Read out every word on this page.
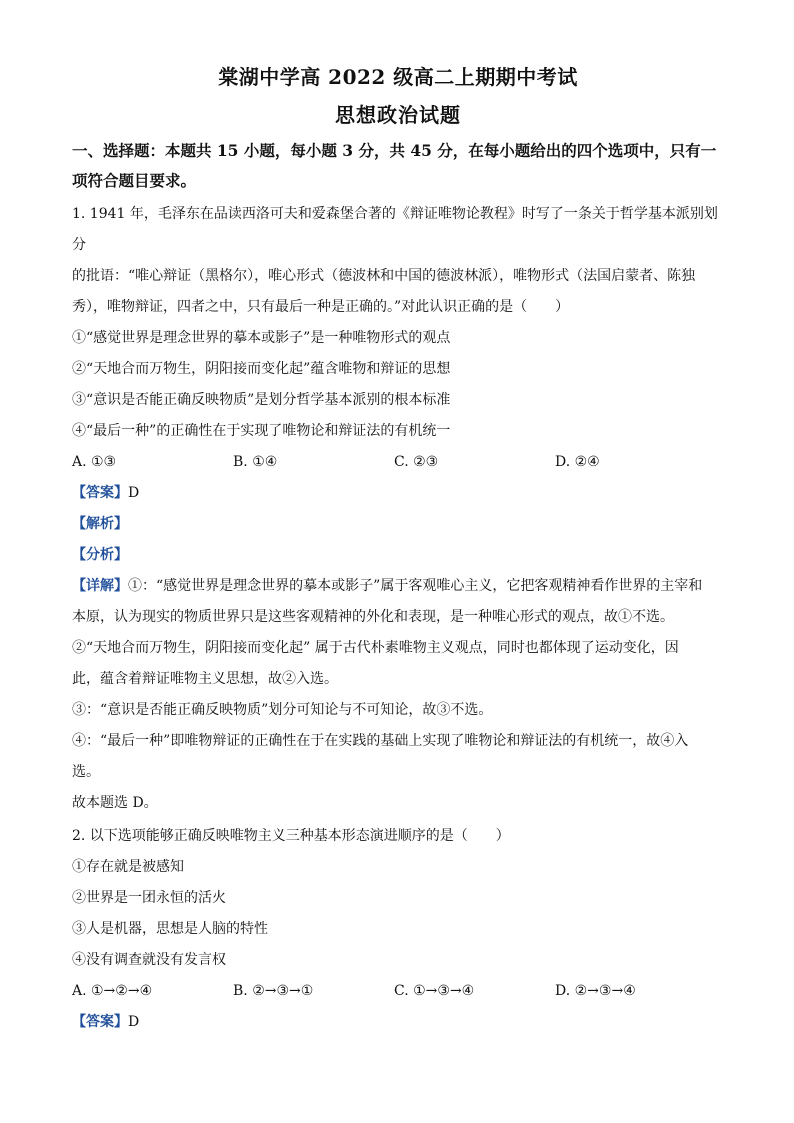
棠湖中学高 2022 级高二上期期中考试
思想政治试题
一、选择题：本题共 15 小题，每小题 3 分，共 45 分，在每小题给出的四个选项中，只有一
项符合题目要求。

1. 1941 年，毛泽东在品读西洛可夫和爱森堡合著的《辩证唯物论教程》时写了一条关于哲学基本派别划分

的批语：“唯心辩证（黑格尔），唯心形式（德波林和中国的德波林派），唯物形式（法国启蒙者、陈独

秀），唯物辩证，四者之中，只有最后一种是正确的。”对此认识正确的是（　　）

①“感觉世界是理念世界的摹本或影子”是一种唯物形式的观点

②“天地合而万物生，阴阳接而变化起”蕴含唯物和辩证的思想

③“意识是否能正确反映物质”是划分哲学基本派别的根本标准

④“最后一种”的正确性在于实现了唯物论和辩证法的有机统一

A. ①③	B. ①④	C. ②③	D. ②④

【答案】D

【解析】

【分析】

【详解】①：“感觉世界是理念世界的摹本或影子”属于客观唯心主义，它把客观精神看作世界的主宰和

本原，认为现实的物质世界只是这些客观精神的外化和表现，是一种唯心形式的观点，故①不选。

②“天地合而万物生，阴阳接而变化起” 属于古代朴素唯物主义观点，同时也都体现了运动变化，因

此，蕴含着辩证唯物主义思想，故②入选。

③：“意识是否能正确反映物质”划分可知论与不可知论，故③不选。

④：“最后一种”即唯物辩证的正确性在于在实践的基础上实现了唯物论和辩证法的有机统一，故④入

选。

故本题选 D。

2. 以下选项能够正确反映唯物主义三种基本形态演进顺序的是（　　）

①存在就是被感知

②世界是一团永恒的活火

③人是机器，思想是人脑的特性

④没有调查就没有发言权

A. ①→②→④	B. ②→③→①	C. ①→③→④	D. ②→③→④

【答案】D
